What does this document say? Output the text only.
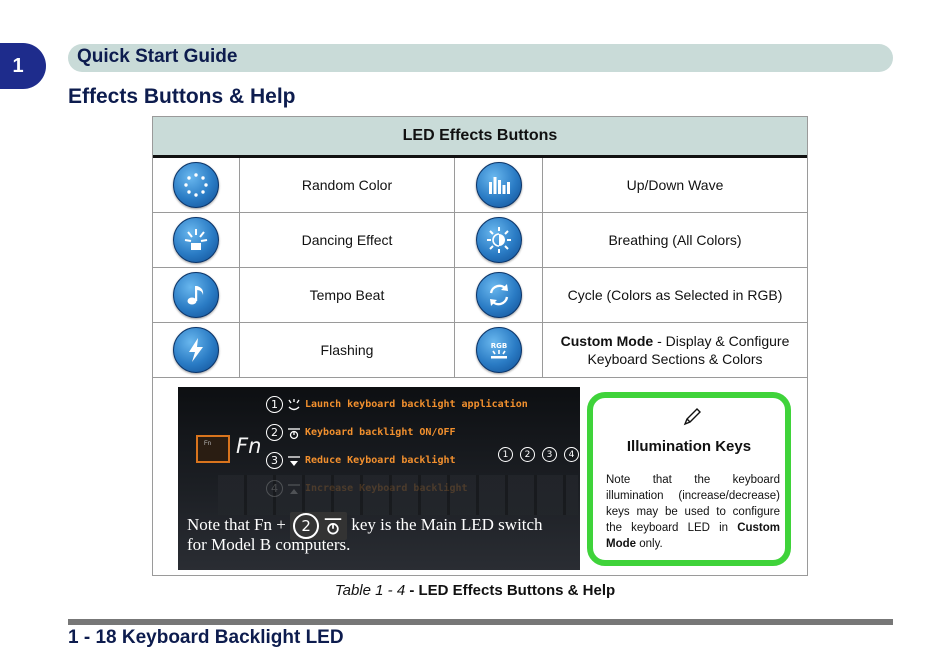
1	Quick Start Guide
Effects Buttons & Help
LED Effects Buttons
Random Color	Up/Down Wave
Dancing Effect	Breathing (All Colors)
Tempo Beat	Cycle (Colors as Selected in RGB)
Flashing	RGB	Custom Mode - Display & Configure
Keyboard Sections & Colors
1	Launch keyboard backlight application
2	Keyboard backlight ON/OFF
3	Reduce Keyboard backlight
Fn Fn	1	2	3	4
Note that Fn +	2	key is the Main LED switch
for Model B computers.
Illumination Keys
Note that the keyboard illumination (increase/decrease) keys may be used to configure the keyboard LED in Custom Mode only.
Table 1 - 4 - LED Effects Buttons & Help
1 - 18 Keyboard Backlight LED
